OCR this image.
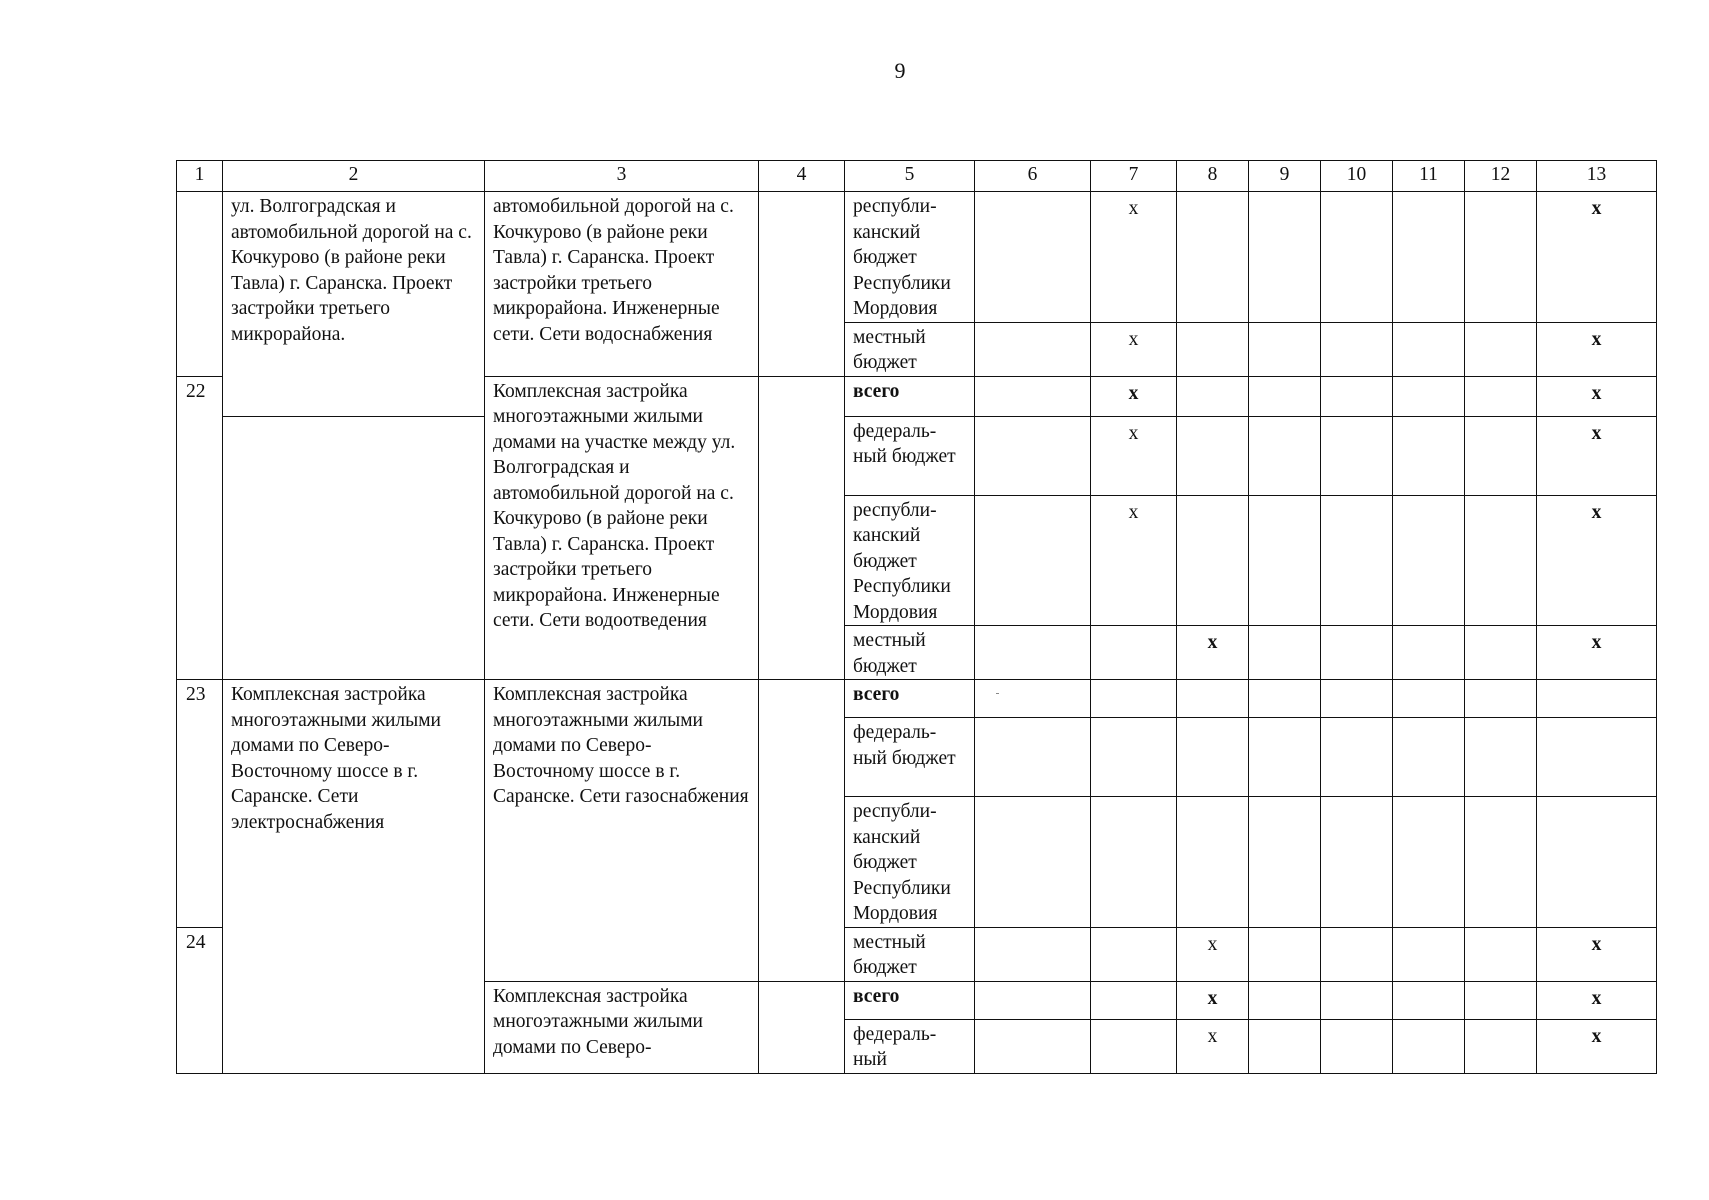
9
1	2	3	4	5	6	7	8	9	10	11	12	13
	ул. Волгоградская и автомобильной дорогой на с. Кочкурово (в районе реки Тавла) г. Саранска. Проект застройки третьего микрорайона.	автомобильной дорогой на с. Кочкурово (в районе реки Тавла) г. Саранска. Проект застройки третьего микрорайона. Инженерные сети. Сети водоснабжения		республи-канский бюджет Республики Мордовия		x						x
				местный бюджет		x						x
22		Комплексная застройка многоэтажными жилыми домами на участке между ул. Волгоградская и автомобильной дорогой на с. Кочкурово (в районе реки Тавла) г. Саранска. Проект застройки третьего микрорайона. Инженерные сети. Сети водоотведения		всего		x						x
				федераль-ный бюджет		x						x
				республи-канский бюджет Республики Мордовия		x						x
				местный бюджет			x					x
23	Комплексная застройка многоэтажными жилыми домами по Северо-Восточному шоссе в г. Саранске. Сети электроснабжения	Комплексная застройка многоэтажными жилыми домами по Северо-Восточному шоссе в г. Саранске. Сети газоснабжения		всего								
				федераль-ный бюджет								
				республи-канский бюджет Республики Мордовия								
24				местный бюджет			x					x
		Комплексная застройка многоэтажными жилыми домами по Северо-		всего			x					x
				федераль-ный			x					x
